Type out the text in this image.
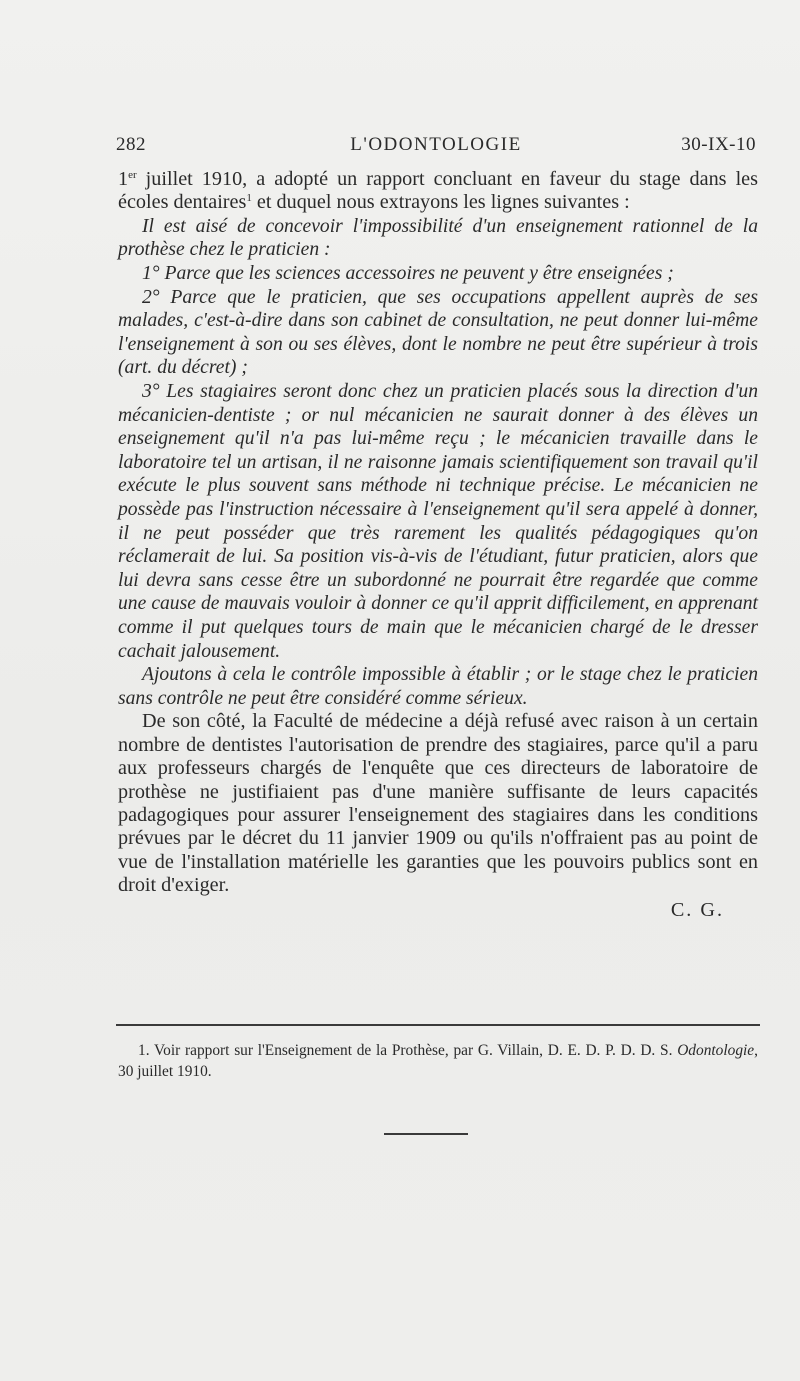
282	L'ODONTOLOGIE	30-IX-10

1er juillet 1910, a adopté un rapport concluant en faveur du stage dans les écoles dentaires$^1$ et duquel nous extrayons les lignes suivantes :

Il est aisé de concevoir l'impossibilité d'un enseignement rationnel de la prothèse chez le praticien :

1° Parce que les sciences accessoires ne peuvent y être enseignées ;

2° Parce que le praticien, que ses occupations appellent auprès de ses malades, c'est-à-dire dans son cabinet de consultation, ne peut donner lui-même l'enseignement à son ou ses élèves, dont le nombre ne peut être supérieur à trois (art. du décret) ;

3° Les stagiaires seront donc chez un praticien placés sous la direction d'un mécanicien-dentiste ; or nul mécanicien ne saurait donner à des élèves un enseignement qu'il n'a pas lui-même reçu ; le mécanicien travaille dans le laboratoire tel un artisan, il ne raisonne jamais scientifiquement son travail qu'il exécute le plus souvent sans méthode ni technique précise. Le mécanicien ne possède pas l'instruction nécessaire à l'enseignement qu'il sera appelé à donner, il ne peut posséder que très rarement les qualités pédagogiques qu'on réclamerait de lui. Sa position vis-à-vis de l'étudiant, futur praticien, alors que lui devra sans cesse être un subordonné ne pourrait être regardée que comme une cause de mauvais vouloir à donner ce qu'il apprit difficilement, en apprenant comme il put quelques tours de main que le mécanicien chargé de le dresser cachait jalousement.

Ajoutons à cela le contrôle impossible à établir ; or le stage chez le praticien sans contrôle ne peut être considéré comme sérieux.

De son côté, la Faculté de médecine a déjà refusé avec raison à un certain nombre de dentistes l'autorisation de prendre des stagiaires, parce qu'il a paru aux professeurs chargés de l'enquête que ces directeurs de laboratoire de prothèse ne justifiaient pas d'une manière suffisante de leurs capacités padagogiques pour assurer l'enseignement des stagiaires dans les conditions prévues par le décret du 11 janvier 1909 ou qu'ils n'offraient pas au point de vue de l'installation matérielle les garanties que les pouvoirs publics sont en droit d'exiger.

C. G.

1. Voir rapport sur l'Enseignement de la Prothèse, par G. Villain, D. E. D. P. D. D. S. Odontologie, 30 juillet 1910.
